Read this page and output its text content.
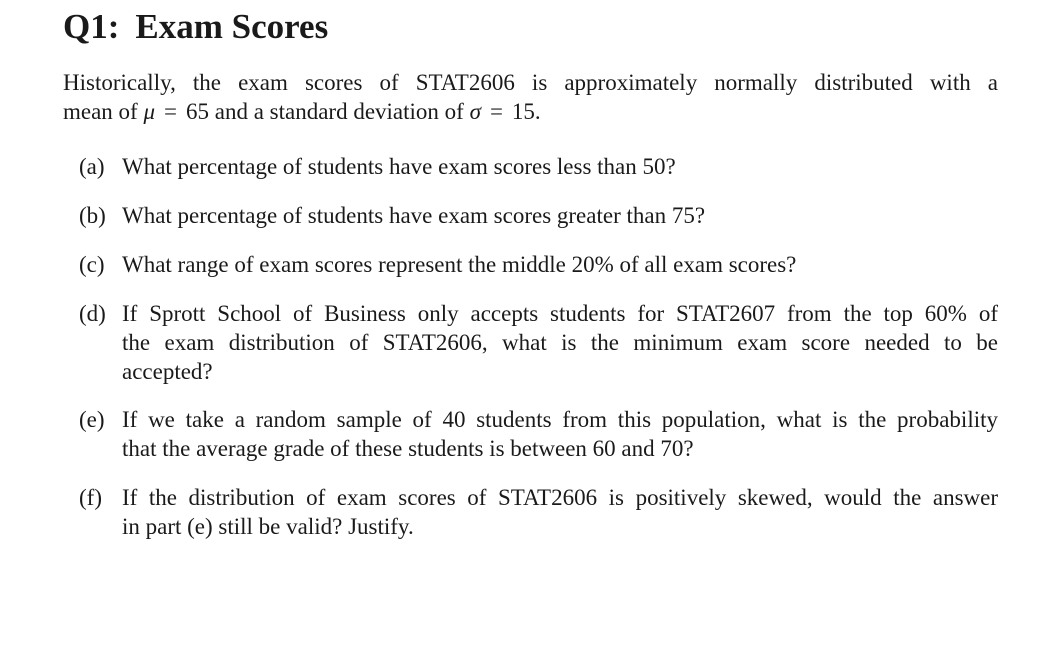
Q1: Exam Scores
Historically, the exam scores of STAT2606 is approximately normally distributed with a
mean of μ = 65 and a standard deviation of σ = 15.
(a) What percentage of students have exam scores less than 50?
(b) What percentage of students have exam scores greater than 75?
(c) What range of exam scores represent the middle 20% of all exam scores?
(d) If Sprott School of Business only accepts students for STAT2607 from the top 60% of
the exam distribution of STAT2606, what is the minimum exam score needed to be
accepted?
(e) If we take a random sample of 40 students from this population, what is the probability
that the average grade of these students is between 60 and 70?
(f) If the distribution of exam scores of STAT2606 is positively skewed, would the answer
in part (e) still be valid? Justify.
